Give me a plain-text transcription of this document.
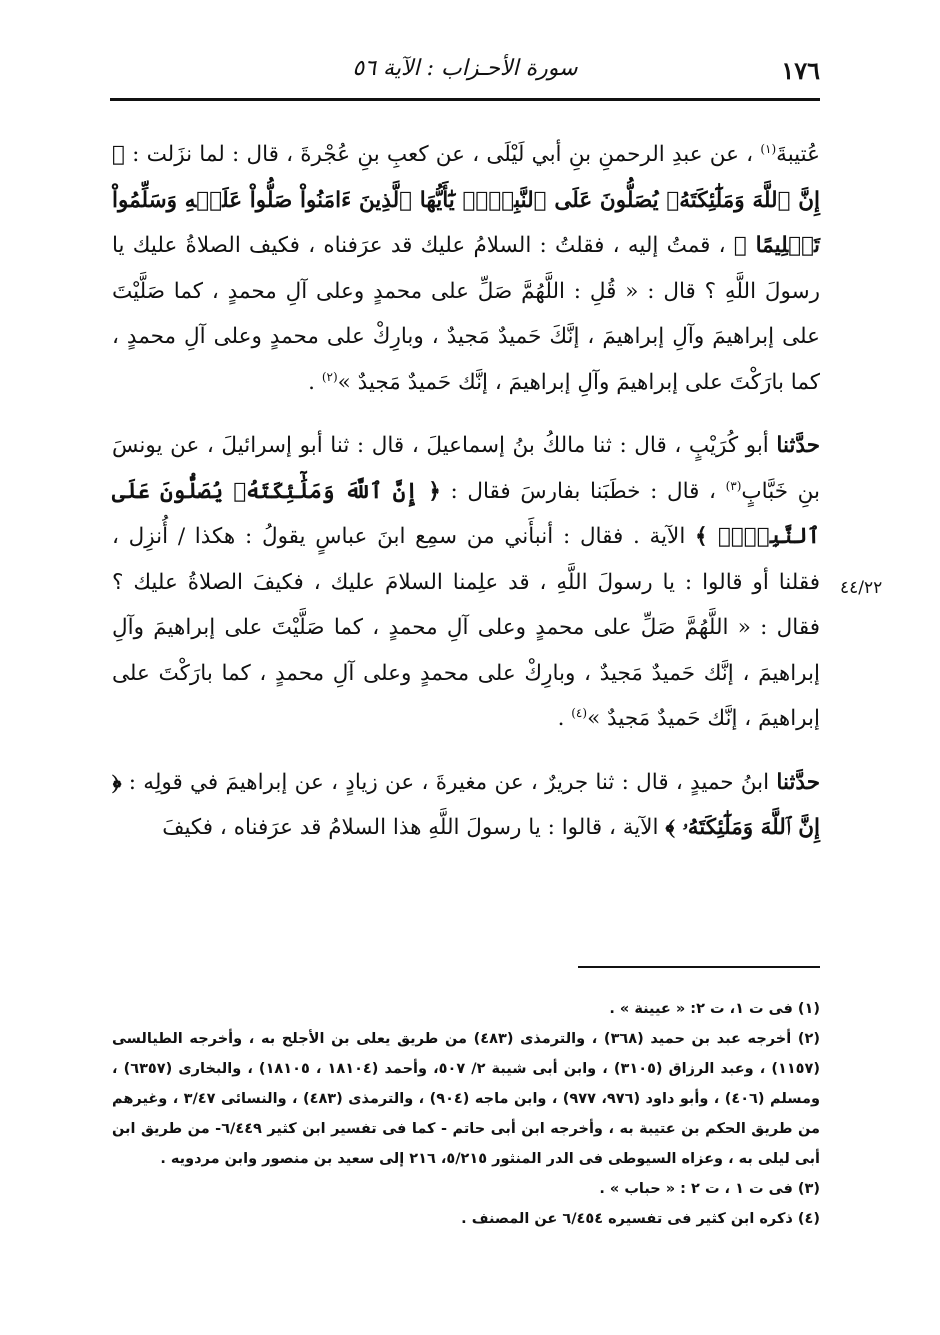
١٧٦
سورة الأحـزاب : الآية ٥٦

عُتيبةَ$^{(١)}$ ، عن عبدِ الرحمنِ بنِ أبي لَيْلَى ، عن كعبِ بنِ عُجْرةَ ، قال : لما نزَلت : ﴿ إِنَّ ٱللَّهَ وَمَلَٰٓئِكَتَهُۥ يُصَلُّونَ عَلَى ٱلنَّبِيِّۚ يَٰٓأَيُّهَا ٱلَّذِينَ ءَامَنُواْ صَلُّواْ عَلَيۡهِ وَسَلِّمُواْ تَسۡلِيمًا ﴾ ، قمتُ إليه ، فقلتُ : السلامُ عليك قد عرَفناه ، فكيف الصلاةُ عليك يا رسولَ اللَّهِ ؟ قال : « قُلِ : اللَّهُمَّ صَلِّ على محمدٍ وعلى آلِ محمدٍ ، كما صَلَّيْتَ على إبراهيمَ وآلِ إبراهيمَ ، إنَّكَ حَميدٌ مَجيدٌ ، وبارِكْ على محمدٍ وعلى آلِ محمدٍ ، كما بارَكْتَ على إبراهيمَ وآلِ إبراهيمَ ، إنَّك حَميدٌ مَجيدٌ »$^{(٢)}$ .

حدَّثنا أبو كُرَيْبٍ ، قال : ثنا مالكُ بنُ إسماعيلَ ، قال : ثنا أبو إسرائيلَ ، عن يونسَ بنِ خَبَّابٍ$^{(٣)}$ ، قال : خطَبَنا بفارسَ فقال : ﴿ إِنَّ ٱللَّهَ وَمَلَٰٓئِكَتَهُۥ يُصَلُّونَ عَلَى ٱلنَّبِيِّۚ ﴾ الآية . فقال : أنبأَني من سمِع ابنَ عباسٍ يقولُ : هكذا / أُنزِل ، فقلنا أو قالوا : يا رسولَ اللَّهِ ، قد علِمنا السلامَ عليك ، فكيفَ الصلاةُ عليك ؟ فقال : « اللَّهُمَّ صَلِّ على محمدٍ وعلى آلِ محمدٍ ، كما صَلَّيْتَ على إبراهيمَ وآلِ إبراهيمَ ، إنَّك حَميدٌ مَجيدٌ ، وبارِكْ على محمدٍ وعلى آلِ محمدٍ ، كما بارَكْتَ على إبراهيمَ ، إنَّك حَميدٌ مَجيدٌ »$^{(٤)}$ .

حدَّثنا ابنُ حميدٍ ، قال : ثنا جريرٌ ، عن مغيرةَ ، عن زيادٍ ، عن إبراهيمَ في قولِه : ﴿ إِنَّ ٱللَّهَ وَمَلَٰٓئِكَتَهُۥ ﴾ الآية ، قالوا : يا رسولَ اللَّهِ هذا السلامُ قد عرَفناه ، فكيفَ

٤٤/٢٢

(١) فى ت ١، ت ٢: « عيينة » .

(٢) أخرجه عبد بن حميد (٣٦٨) ، والترمذى (٤٨٣) من طريق يعلى بن الأجلح به ، وأخرجه الطيالسى (١١٥٧) ، وعبد الرزاق (٣١٠٥) ، وابن أبى شيبة ٢/ ٥٠٧، وأحمد (١٨١٠٤ ، ١٨١٠٥) ، والبخارى (٦٣٥٧) ، ومسلم (٤٠٦) ، وأبو داود (٩٧٦، ٩٧٧) ، وابن ماجه (٩٠٤) ، والترمذى (٤٨٣) ، والنسائى ٣/٤٧ ، وغيرهم من طريق الحكم بن عتيبة به ، وأخرجه ابن أبى حاتم - كما فى تفسير ابن كثير ٦/٤٤٩- من طريق ابن أبى ليلى به ، وعزاه السيوطى فى الدر المنثور ٥/٢١٥، ٢١٦ إلى سعيد بن منصور وابن مردويه .

(٣) فى ت ١ ، ت ٢ : « حباب » .

(٤) ذكره ابن كثير فى تفسيره ٦/٤٥٤ عن المصنف .
